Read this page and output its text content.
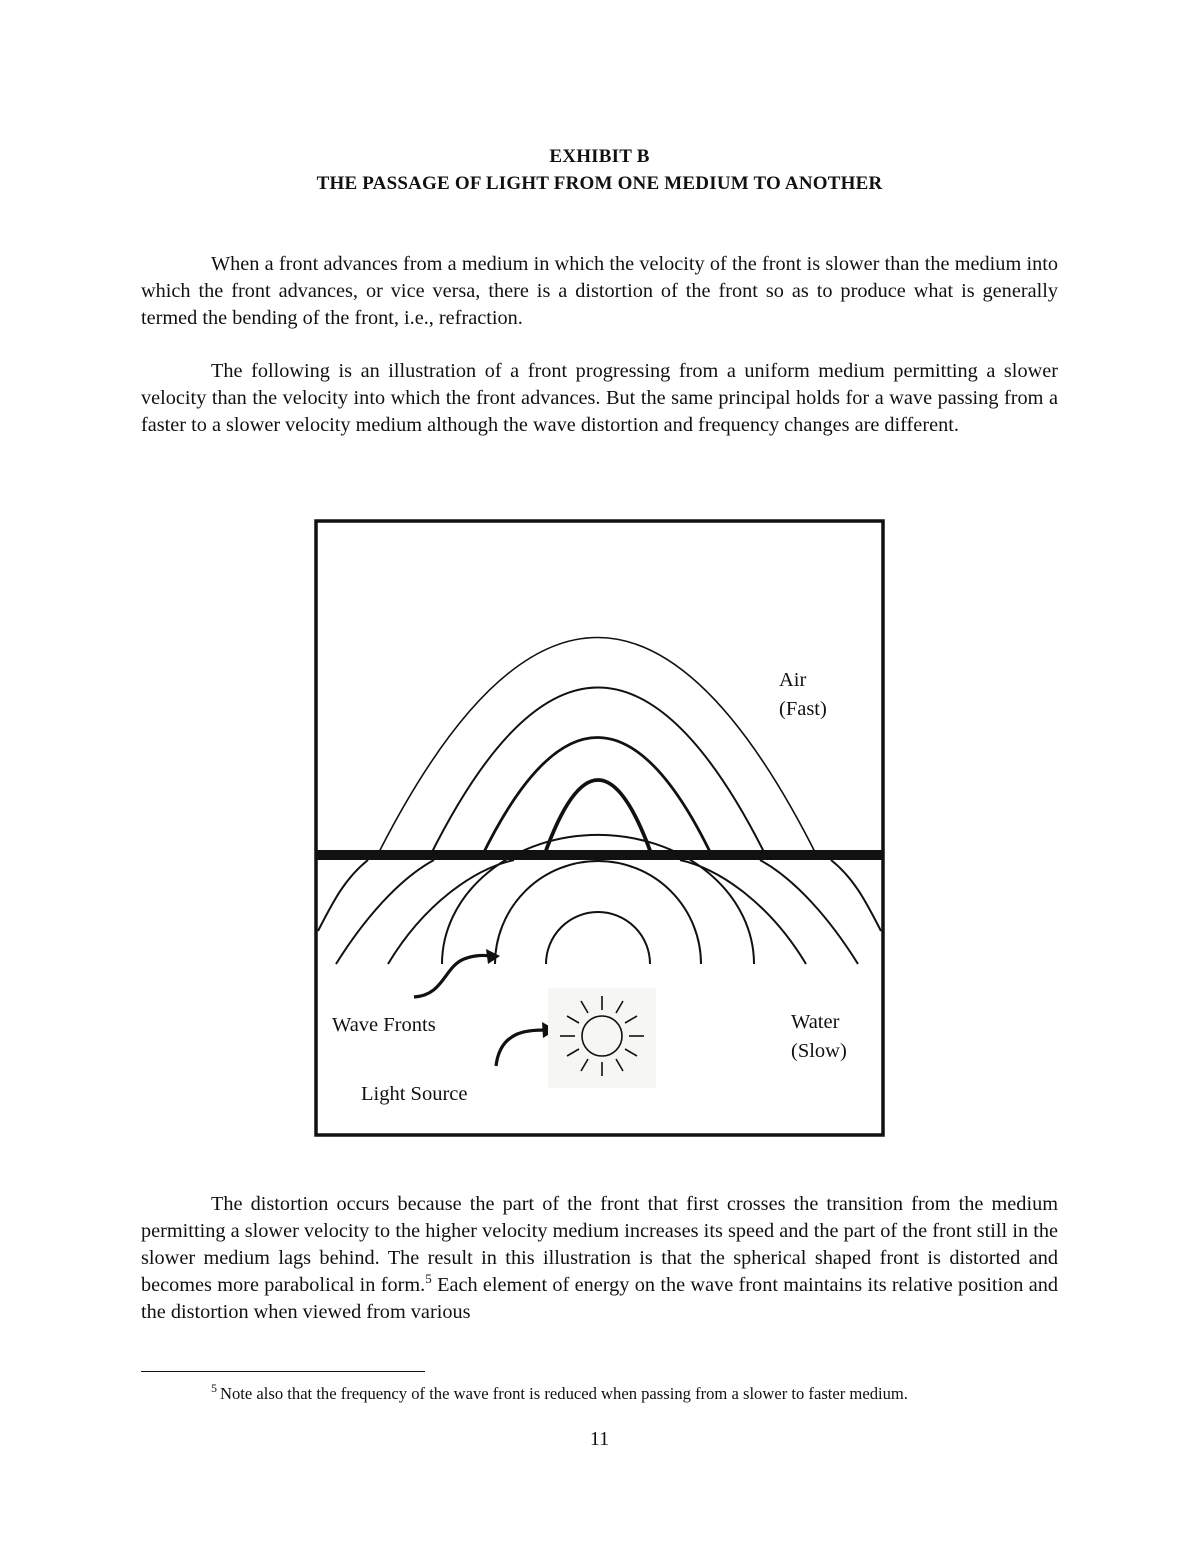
EXHIBIT B
THE PASSAGE OF LIGHT FROM ONE MEDIUM TO ANOTHER

When a front advances from a medium in which the velocity of the front is slower than the medium into which the front advances, or vice versa, there is a distortion of the front so as to produce what is generally termed the bending of the front, i.e., refraction.

The following is an illustration of a front progressing from a uniform medium permitting a slower velocity than the velocity into which the front advances. But the same principal holds for a wave passing from a faster to a slower velocity medium although the wave distortion and frequency changes are different.

Air
(Fast)
Water
(Slow)
Wave Fronts
Light Source

The distortion occurs because the part of the front that first crosses the transition from the medium permitting a slower velocity to the higher velocity medium increases its speed and the part of the front still in the slower medium lags behind. The result in this illustration is that the spherical shaped front is distorted and becomes more parabolical in form.$^5$ Each element of energy on the wave front maintains its relative position and the distortion when viewed from various

$^5$ Note also that the frequency of the wave front is reduced when passing from a slower to faster medium.
11
